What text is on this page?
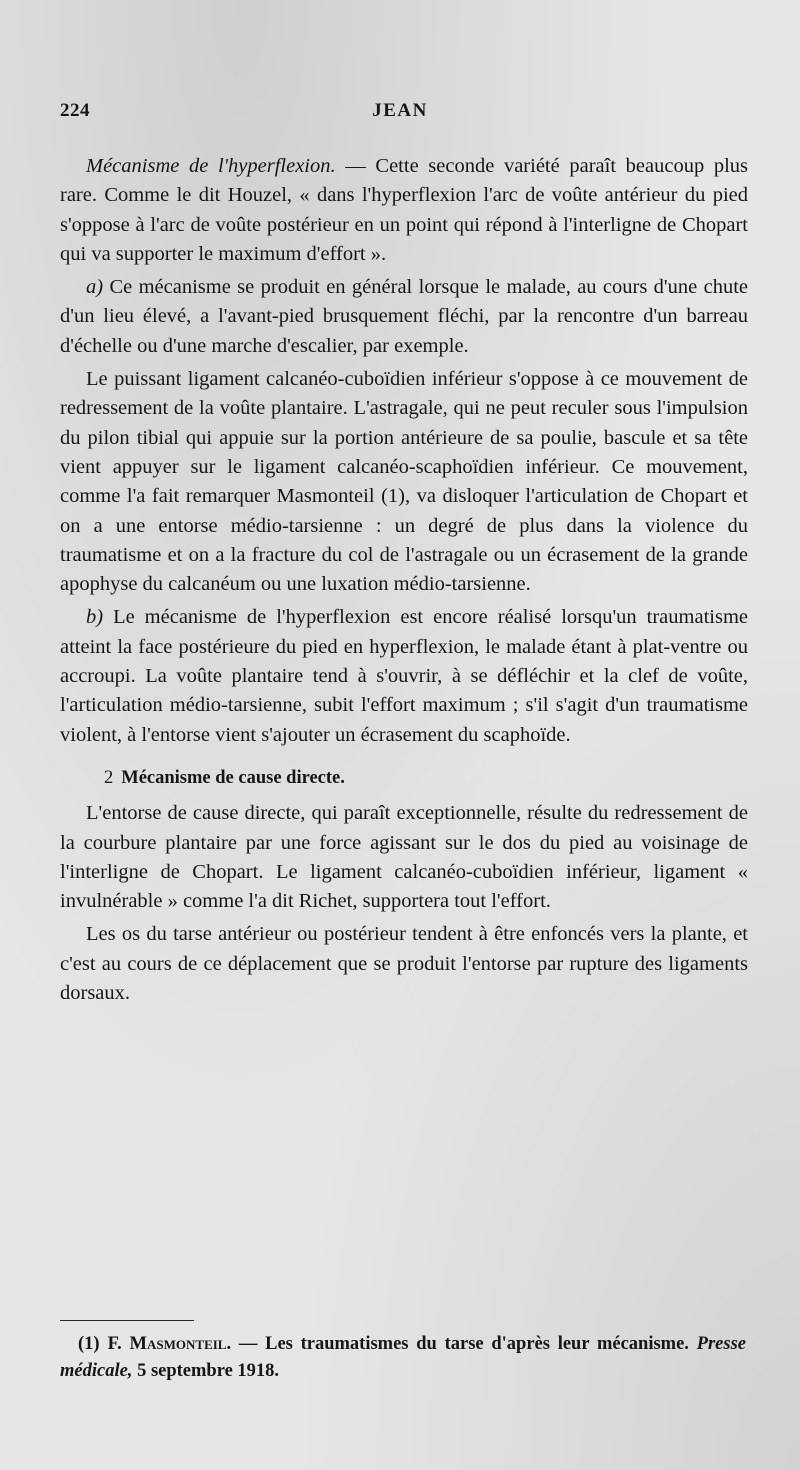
224	JEAN

Mécanisme de l'hyperflexion. — Cette seconde variété paraît beaucoup plus rare. Comme le dit Houzel, « dans l'hyperflexion l'arc de voûte antérieur du pied s'oppose à l'arc de voûte postérieur en un point qui répond à l'interligne de Chopart qui va supporter le maximum d'effort ».

a) Ce mécanisme se produit en général lorsque le malade, au cours d'une chute d'un lieu élevé, a l'avant-pied brusquement fléchi, par la rencontre d'un barreau d'échelle ou d'une marche d'escalier, par exemple.

Le puissant ligament calcanéo-cuboïdien inférieur s'oppose à ce mouvement de redressement de la voûte plantaire. L'astragale, qui ne peut reculer sous l'impulsion du pilon tibial qui appuie sur la portion antérieure de sa poulie, bascule et sa tête vient appuyer sur le ligament calcanéo-scaphoïdien inférieur. Ce mouvement, comme l'a fait remarquer Masmonteil (1), va disloquer l'articulation de Chopart et on a une entorse médio-tarsienne : un degré de plus dans la violence du traumatisme et on a la fracture du col de l'astragale ou un écrasement de la grande apophyse du calcanéum ou une luxation médio-tarsienne.

b) Le mécanisme de l'hyperflexion est encore réalisé lorsqu'un traumatisme atteint la face postérieure du pied en hyperflexion, le malade étant à plat-ventre ou accroupi. La voûte plantaire tend à s'ouvrir, à se défléchir et la clef de voûte, l'articulation médio-tarsienne, subit l'effort maximum ; s'il s'agit d'un traumatisme violent, à l'entorse vient s'ajouter un écrasement du scaphoïde.

2 Mécanisme de cause directe.

L'entorse de cause directe, qui paraît exceptionnelle, résulte du redressement de la courbure plantaire par une force agissant sur le dos du pied au voisinage de l'interligne de Chopart. Le ligament calcanéo-cuboïdien inférieur, ligament « invulnérable » comme l'a dit Richet, supportera tout l'effort.

Les os du tarse antérieur ou postérieur tendent à être enfoncés vers la plante, et c'est au cours de ce déplacement que se produit l'entorse par rupture des ligaments dorsaux.

(1) F. Masmonteil. — Les traumatismes du tarse d'après leur mécanisme. Presse médicale, 5 septembre 1918.
